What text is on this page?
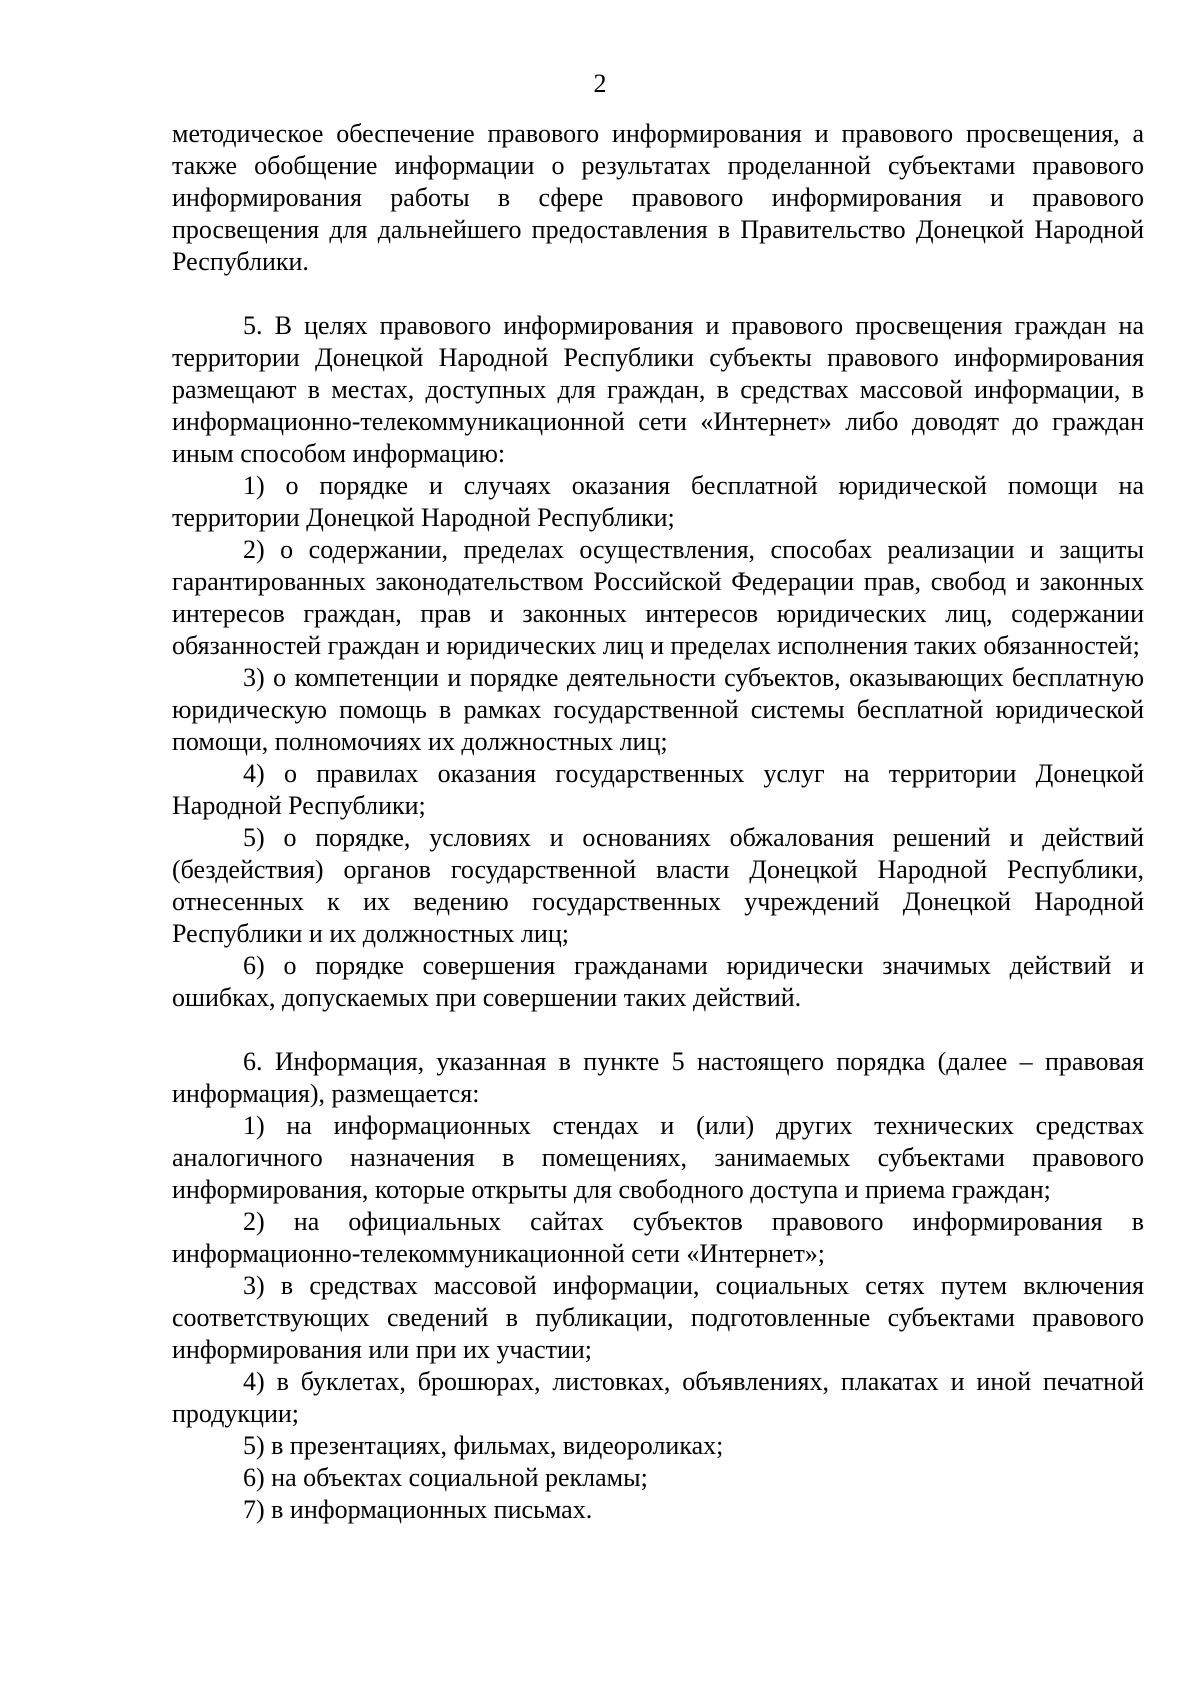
2

методическое обеспечение правового информирования и правового просвещения, а также обобщение информации о результатах проделанной субъектами правового информирования работы в сфере правового информирования и правового просвещения для дальнейшего предоставления в Правительство Донецкой Народной Республики.

5. В целях правового информирования и правового просвещения граждан на территории Донецкой Народной Республики субъекты правового информирования размещают в местах, доступных для граждан, в средствах массовой информации, в информационно-телекоммуникационной сети «Интернет» либо доводят до граждан иным способом информацию:

1) о порядке и случаях оказания бесплатной юридической помощи на территории Донецкой Народной Республики;

2) о содержании, пределах осуществления, способах реализации и защиты гарантированных законодательством Российской Федерации прав, свобод и законных интересов граждан, прав и законных интересов юридических лиц, содержании обязанностей граждан и юридических лиц и пределах исполнения таких обязанностей;

3) о компетенции и порядке деятельности субъектов, оказывающих бесплатную юридическую помощь в рамках государственной системы бесплатной юридической помощи, полномочиях их должностных лиц;

4) о правилах оказания государственных услуг на территории Донецкой Народной Республики;

5) о порядке, условиях и основаниях обжалования решений и действий (бездействия) органов государственной власти Донецкой Народной Республики, отнесенных к их ведению государственных учреждений Донецкой Народной Республики и их должностных лиц;

6) о порядке совершения гражданами юридически значимых действий и ошибках, допускаемых при совершении таких действий.

6. Информация, указанная в пункте 5 настоящего порядка (далее – правовая информация), размещается:

1) на информационных стендах и (или) других технических средствах аналогичного назначения в помещениях, занимаемых субъектами правового информирования, которые открыты для свободного доступа и приема граждан;

2) на официальных сайтах субъектов правового информирования в информационно-телекоммуникационной сети «Интернет»;

3) в средствах массовой информации, социальных сетях путем включения соответствующих сведений в публикации, подготовленные субъектами правового информирования или при их участии;

4) в буклетах, брошюрах, листовках, объявлениях, плакатах и иной печатной продукции;

5) в презентациях, фильмах, видеороликах;

6) на объектах социальной рекламы;

7) в информационных письмах.
